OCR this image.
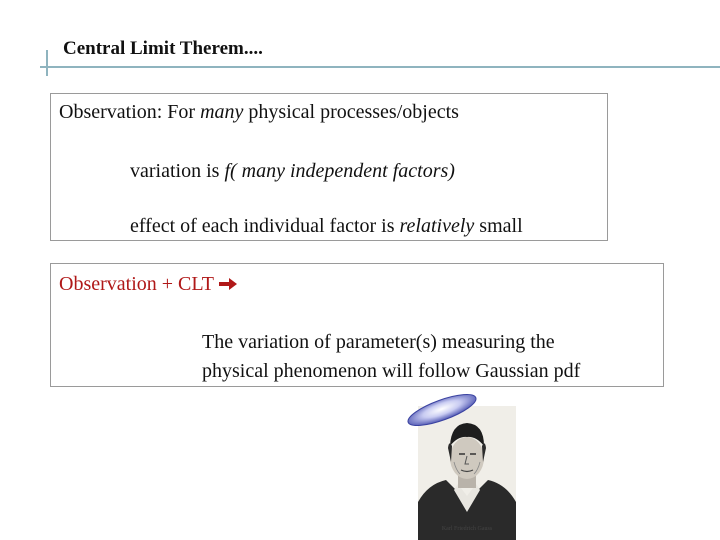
Central Limit Therem....
Observation: For many physical processes/objects
variation is f( many independent factors)
effect of each individual factor is relatively small
Observation + CLT
The variation of parameter(s) measuring the
physical phenomenon will follow Gaussian pdf
Karl Friedrich Gauss
